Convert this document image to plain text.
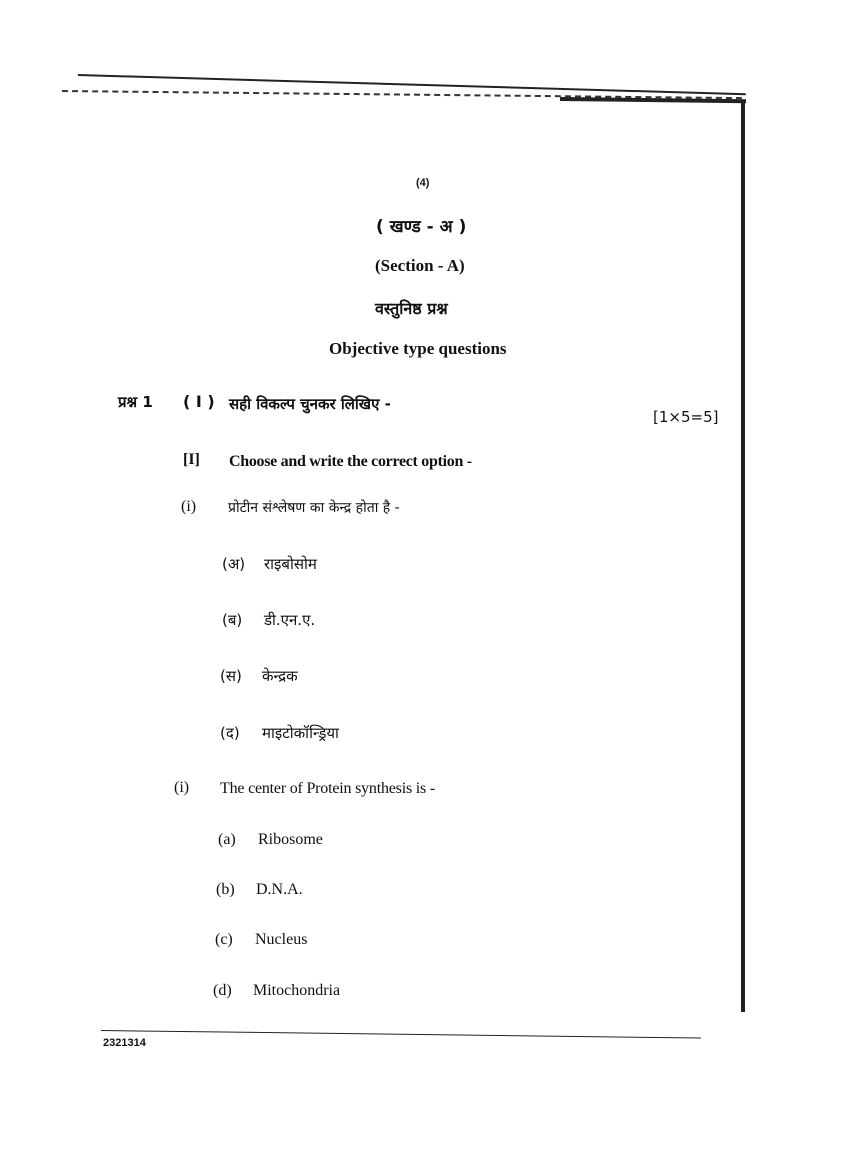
(4)
( खण्ड - अ )
(Section - A)
वस्तुनिष्ठ प्रश्न
Objective type questions
प्रश्न 1 ( I ) सही विकल्प चुनकर लिखिए -
[1×5=5]
[I] Choose and write the correct option -
(i) प्रोटीन संश्लेषण का केन्द्र होता है -
(अ) राइबोसोम
(ब) डी.एन.ए.
(स) केन्द्रक
(द) माइटोकॉन्ड्रिया
(i) The center of Protein synthesis is -
(a) Ribosome
(b) D.N.A.
(c) Nucleus
(d) Mitochondria
2321314
